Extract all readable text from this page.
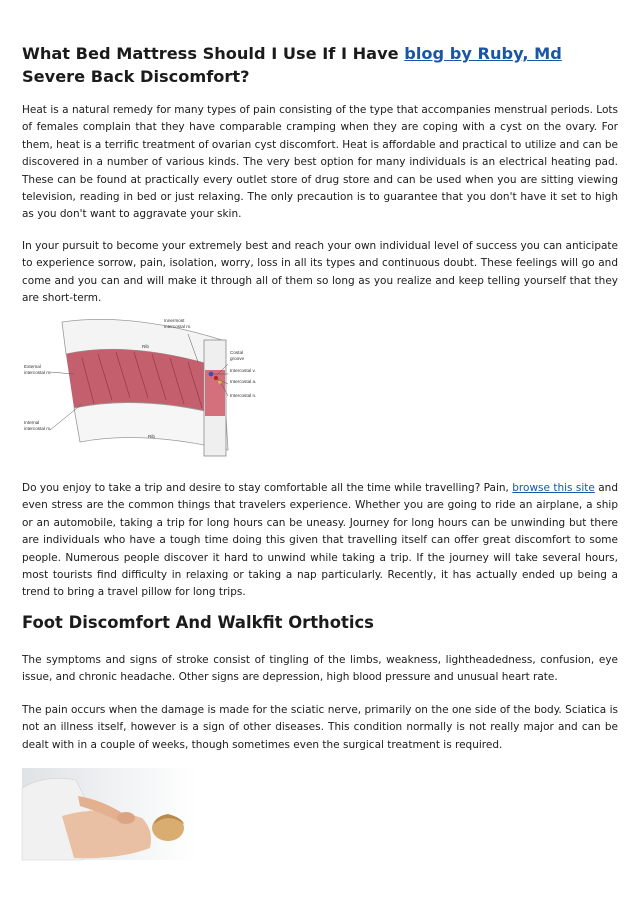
What Bed Mattress Should I Use If I Have blog by Ruby, Md Severe Back Discomfort?

Heat is a natural remedy for many types of pain consisting of the type that accompanies menstrual periods. Lots of females complain that they have comparable cramping when they are coping with a cyst on the ovary. For them, heat is a terrific treatment of ovarian cyst discomfort. Heat is affordable and practical to utilize and can be discovered in a number of various kinds. The very best option for many individuals is an electrical heating pad. These can be found at practically every outlet store of drug store and can be used when you are sitting viewing television, reading in bed or just relaxing. The only precaution is to guarantee that you don't have it set to high as you don't want to aggravate your skin.

In your pursuit to become your extremely best and reach your own individual level of success you can anticipate to experience sorrow, pain, isolation, worry, loss in all its types and continuous doubt. These feelings will go and come and you can and will make it through all of them so long as you realize and keep telling yourself that they are short-term.

Innermost
intercostal m.
Costal
groove
Intercostal v.
Intercostal a.
Intercostal n.
Rib
Rib
External
intercostal m.
Internal
intercostal m.

Do you enjoy to take a trip and desire to stay comfortable all the time while travelling? Pain, browse this site and even stress are the common things that travelers experience. Whether you are going to ride an airplane, a ship or an automobile, taking a trip for long hours can be uneasy. Journey for long hours can be unwinding but there are individuals who have a tough time doing this given that travelling itself can offer great discomfort to some people. Numerous people discover it hard to unwind while taking a trip. If the journey will take several hours, most tourists find difficulty in relaxing or taking a nap particularly. Recently, it has actually ended up being a trend to bring a travel pillow for long trips.

Foot Discomfort And Walkfit Orthotics

The symptoms and signs of stroke consist of tingling of the limbs, weakness, lightheadedness, confusion, eye issue, and chronic headache. Other signs are depression, high blood pressure and unusual heart rate.

The pain occurs when the damage is made for the sciatic nerve, primarily on the one side of the body. Sciatica is not an illness itself, however is a sign of other diseases. This condition normally is not really major and can be dealt with in a couple of weeks, though sometimes even the surgical treatment is required.
